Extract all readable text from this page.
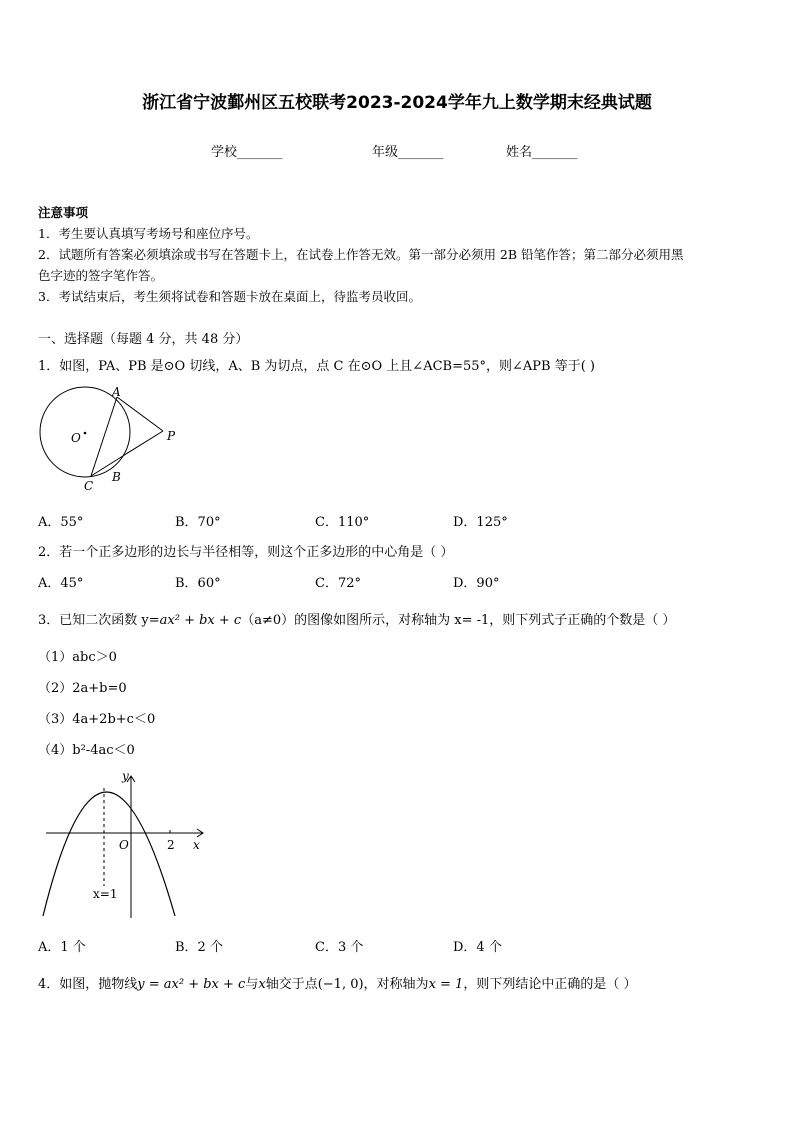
浙江省宁波鄞州区五校联考2023-2024学年九上数学期末经典试题
学校_______	年级_______	姓名_______
注意事项
1．考生要认真填写考场号和座位序号。
2．试题所有答案必须填涂或书写在答题卡上，在试卷上作答无效。第一部分必须用 2B 铅笔作答；第二部分必须用黑
色字迹的签字笔作答。
3．考试结束后，考生须将试卷和答题卡放在桌面上，待监考员收回。
一、选择题（每题 4 分，共 48 分）
1．如图，PA、PB 是⊙O 切线，A、B 为切点，点 C 在⊙O 上且∠ACB=55°，则∠APB 等于( )
A
O	P
B
C
A．55°	B．70°	C．110°	D．125°
2．若一个正多边形的边长与半径相等，则这个正多边形的中心角是（ ）
A．45°	B．60°	C．72°	D．90°
3．已知二次函数 y=ax² + bx + c（a≠0）的图像如图所示，对称轴为 x= -1，则下列式子正确的个数是（ ）
（1）abc＞0
（2）2a+b=0
（3）4a+2b+c＜0
（4）b²-4ac＜0
y
x
O	2
x=1
A．1 个	B．2 个	C．3 个	D．4 个
4．如图，抛物线y = ax² + bx + c与x轴交于点(−1, 0)，对称轴为x = 1，则下列结论中正确的是（ ）
